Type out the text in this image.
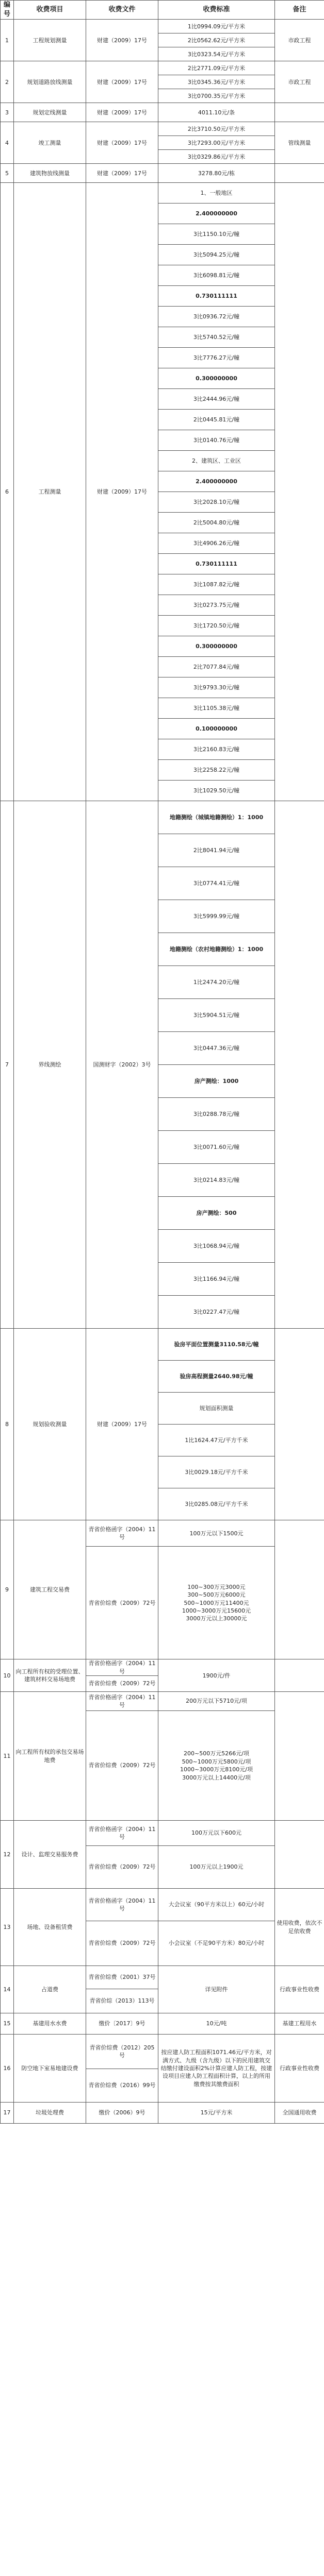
编号	收费项目	收费文件	收费标准	备注
1	工程规划测量	财建（2009）17号	1比0994.09元/平方米	市政工程
			2比0562.62元/平方米	
			3比0323.54元/平方米	
2	规划道路放线测量	财建（2009）17号	2比2771.09元/平方米	市政工程
			3比0345.36元/平方米	
			3比0700.35元/平方米	
3	规划定线测量	财建（2009）17号	4011.10元/条	
4	竣工测量	财建（2009）17号	2比3710.50元/平方米	管线测量
			3比7293.00元/平方米	
			3比0329.86元/平方米	
5	建筑物放线测量	财建（2009）17号	3278.80元/栋	
6	工程测量	财建（2009）17号	1、一般地区	
			2.400000000	
			3比1150.10元/幢	
			3比5094.25元/幢	
			3比6098.81元/幢	
			0.730111111	
			3比0936.72元/幢	
			3比5740.52元/幢	
			3比7776.27元/幢	
			0.300000000	
			3比2444.96元/幢	
			2比0445.81元/幢	
			3比0140.76元/幢	
			2、建筑区、工业区	
			2.400000000	
			3比2028.10元/幢	
			2比5004.80元/幢	
			3比4906.26元/幢	
			0.730111111	
			3比1087.82元/幢	
			3比0273.75元/幢	
			3比1720.50元/幢	
			0.300000000	
			2比7077.84元/幢	
			3比9793.30元/幢	
			3比1105.38元/幢	
			0.100000000	
			3比2160.83元/幢	
			3比2258.22元/幢	
			3比1029.50元/幢	
7	界线测绘	国测财字（2002）3号	地籍测绘（城镇地籍测绘）1：1000	
			2比8041.94元/幢	
			3比0774.41元/幢	
			3比5999.99元/幢	
			地籍测绘（农村地籍测绘）1：1000	
			1比2474.20元/幢	
			3比5904.51元/幢	
			3比0447.36元/幢	
			房产测绘：1000	
			3比0288.78元/幢	
			3比0071.60元/幢	
			3比0214.83元/幢	
			房产测绘：500	
			3比1068.94元/幢	
			3比1166.94元/幢	
			3比0227.47元/幢	
8	规划验收测量	财建（2009）17号	验房平面位置测量3110.58元/幢	
			验房高程测量2640.98元/幢	
			规划面积测量	
			1比1624.47元/平方千米	
			3比0029.18元/平方千米	
			3比0285.08元/平方千米	
9	建筑工程交易费	青省价格函字（2004）11号	100万元以下1500元	

		青省价综费（2009）72号	100~300万元3000元
300~500万元6000元
500~1000万元11400元
1000~3000万元15600元
3000万元以上30000元	

10	向工程所有权的受理位置、建筑材料交易场地费	青省价格函字（2004）11号	1900元/件	

		青省价综费（2009）72号		
11	向工程所有权的承包交易场地费	青省价格函字（2004）11号	200万元以下5710元/项	

		青省价综费（2009）72号	200~500万元5266元/项
500~1000万元5800元/项
1000~3000万元8100元/项
3000万元以上14400元/项	

12	设计、监理交易服务费	青省价格函字（2004）11号	100万元以下600元	

		青省价综费（2009）72号	100万元以上1900元	

13	场地、设备租赁费	青省价格函字（2004）11号	大会议室（90平方米以上）60元/小时	使用收费，依次不足依收费
		青省价综费（2009）72号	小会议室（不足90平方米）80元/小时	

14	占道费	青省价综费（2001）37号	详见附件	行政事业性收费
		青省价综（2013）113号		
15	基建用水水费	缴价〔2017〕9号	10元/吨	基建工程用水
16	防空地下室易地建设费	青省价综费（2012）205号	按应建人防工程面积1071.46元/平方米，对满方式、九级（含九级）以下的民用建筑交结缴付建设面积2%计算应建人防工程，按建设项目应建人防工程面积计算，以上的所用缴费按其缴费面积	行政事业性收费
		青省价综费（2016）99号		
17	垃圾处理费	缴价（2006）9号	15元/平方米	全国通用收费
